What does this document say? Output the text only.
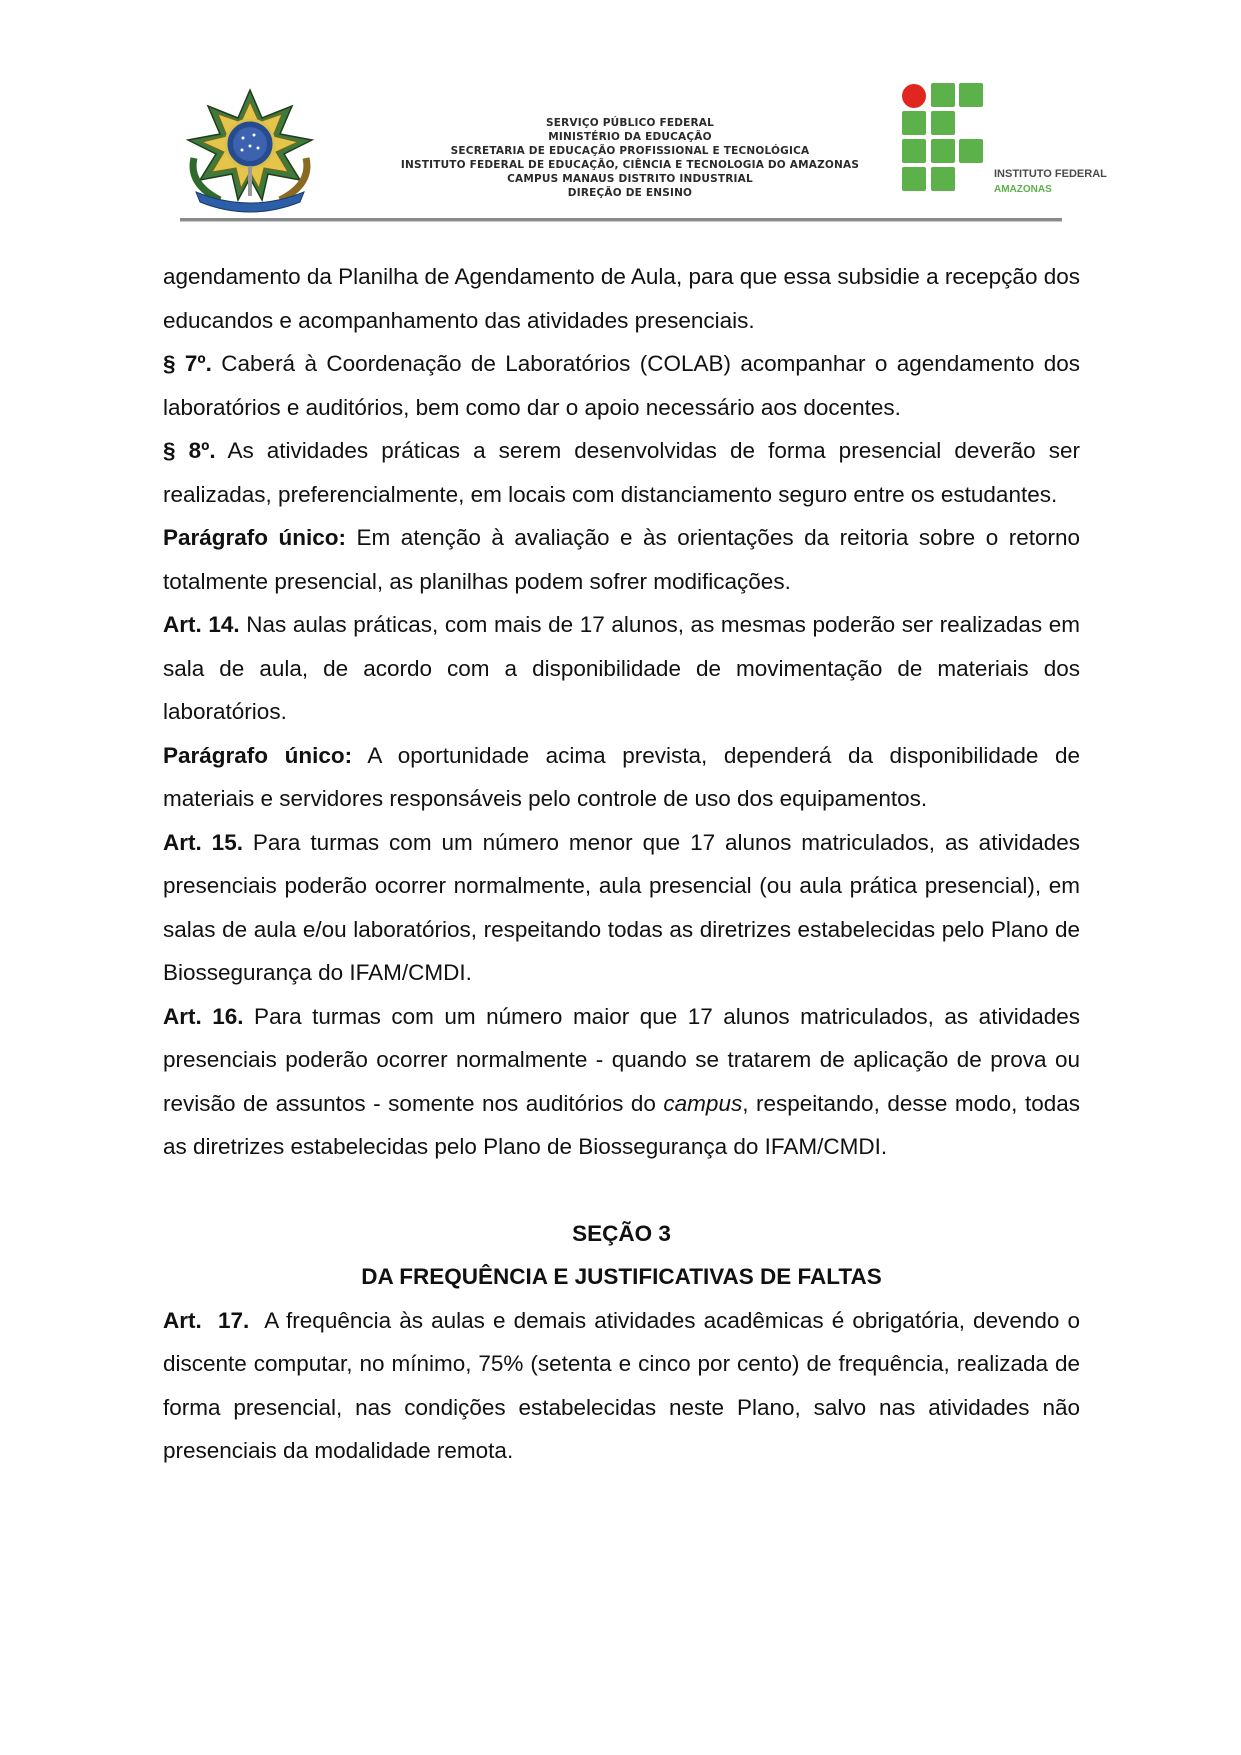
SERVIÇO PÚBLICO FEDERAL
MINISTÉRIO DA EDUCAÇÃO
SECRETARIA DE EDUCAÇÃO PROFISSIONAL E TECNOLÓGICA
INSTITUTO FEDERAL DE EDUCAÇÃO, CIÊNCIA E TECNOLOGIA DO AMAZONAS
CAMPUS MANAUS DISTRITO INDUSTRIAL
DIREÇÃO DE ENSINO
INSTITUTO FEDERAL
AMAZONAS

agendamento da Planilha de Agendamento de Aula, para que essa subsidie a recepção dos educandos e acompanhamento das atividades presenciais.

§ 7º. Caberá à Coordenação de Laboratórios (COLAB) acompanhar o agendamento dos laboratórios e auditórios, bem como dar o apoio necessário aos docentes.

§ 8º. As atividades práticas a serem desenvolvidas de forma presencial deverão ser realizadas, preferencialmente, em locais com distanciamento seguro entre os estudantes.

Parágrafo único: Em atenção à avaliação e às orientações da reitoria sobre o retorno totalmente presencial, as planilhas podem sofrer modificações.

Art. 14. Nas aulas práticas, com mais de 17 alunos, as mesmas poderão ser realizadas em sala de aula, de acordo com a disponibilidade de movimentação de materiais dos laboratórios.

Parágrafo único: A oportunidade acima prevista, dependerá da disponibilidade de materiais e servidores responsáveis pelo controle de uso dos equipamentos.

Art. 15. Para turmas com um número menor que 17 alunos matriculados, as atividades presenciais poderão ocorrer normalmente, aula presencial (ou aula prática presencial), em salas de aula e/ou laboratórios, respeitando todas as diretrizes estabelecidas pelo Plano de Biossegurança do IFAM/CMDI.

Art. 16. Para turmas com um número maior que 17 alunos matriculados, as atividades presenciais poderão ocorrer normalmente - quando se tratarem de aplicação de prova ou revisão de assuntos - somente nos auditórios do campus, respeitando, desse modo, todas as diretrizes estabelecidas pelo Plano de Biossegurança do IFAM/CMDI.

SEÇÃO 3

DA FREQUÊNCIA E JUSTIFICATIVAS DE FALTAS

Art.  17.  A frequência às aulas e demais atividades acadêmicas é obrigatória, devendo o discente computar, no mínimo, 75% (setenta e cinco por cento) de frequência, realizada de forma presencial, nas condições estabelecidas neste Plano, salvo nas atividades não presenciais da modalidade remota.
